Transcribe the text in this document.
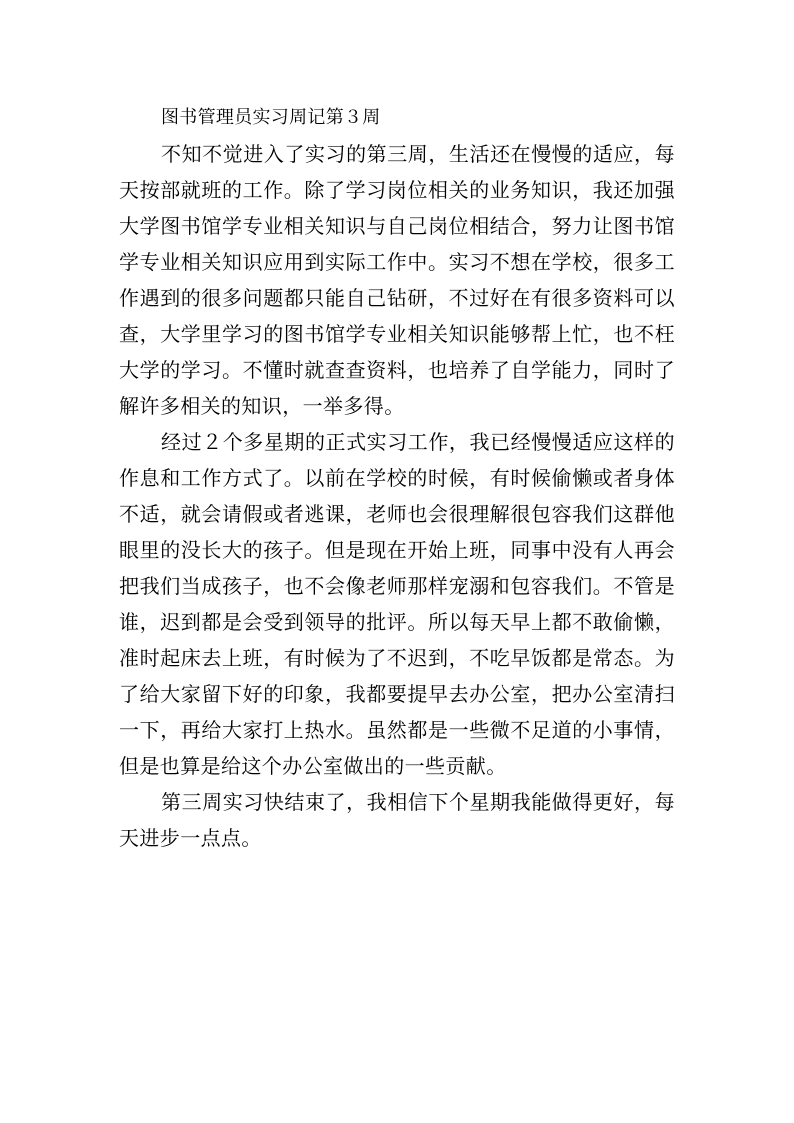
图书管理员实习周记第３周

不知不觉进入了实习的第三周，生活还在慢慢的适应，每天按部就班的工作。除了学习岗位相关的业务知识，我还加强大学图书馆学专业相关知识与自己岗位相结合，努力让图书馆学专业相关知识应用到实际工作中。实习不想在学校，很多工作遇到的很多问题都只能自己钻研，不过好在有很多资料可以查，大学里学习的图书馆学专业相关知识能够帮上忙，也不枉大学的学习。不懂时就查查资料，也培养了自学能力，同时了解许多相关的知识，一举多得。

经过２个多星期的正式实习工作，我已经慢慢适应这样的作息和工作方式了。以前在学校的时候，有时候偷懒或者身体不适，就会请假或者逃课，老师也会很理解很包容我们这群他眼里的没长大的孩子。但是现在开始上班，同事中没有人再会把我们当成孩子，也不会像老师那样宠溺和包容我们。不管是谁，迟到都是会受到领导的批评。所以每天早上都不敢偷懒，准时起床去上班，有时候为了不迟到，不吃早饭都是常态。为了给大家留下好的印象，我都要提早去办公室，把办公室清扫一下，再给大家打上热水。虽然都是一些微不足道的小事情，但是也算是给这个办公室做出的一些贡献。

第三周实习快结束了，我相信下个星期我能做得更好，每天进步一点点。
